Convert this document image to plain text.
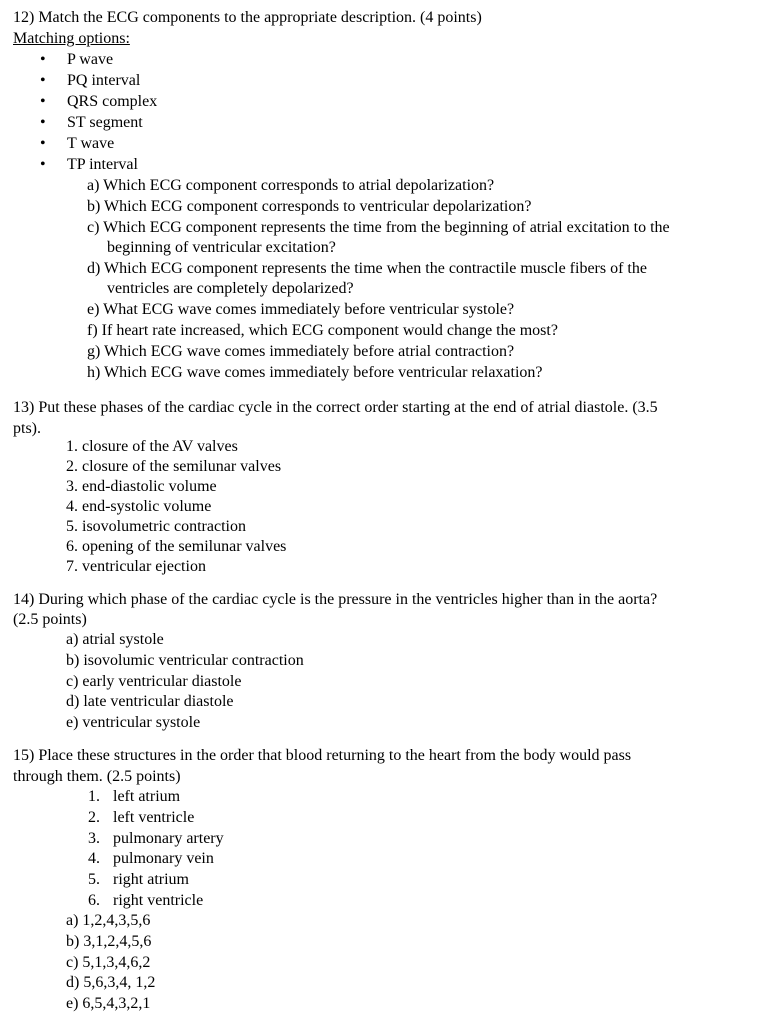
12) Match the ECG components to the appropriate description. (4 points)
Matching options:
• P wave
• PQ interval
• QRS complex
• ST segment
• T wave
• TP interval
a) Which ECG component corresponds to atrial depolarization?
b) Which ECG component corresponds to ventricular depolarization?
c) Which ECG component represents the time from the beginning of atrial excitation to the
beginning of ventricular excitation?
d) Which ECG component represents the time when the contractile muscle fibers of the
ventricles are completely depolarized?
e) What ECG wave comes immediately before ventricular systole?
f) If heart rate increased, which ECG component would change the most?
g) Which ECG wave comes immediately before atrial contraction?
h) Which ECG wave comes immediately before ventricular relaxation?
13) Put these phases of the cardiac cycle in the correct order starting at the end of atrial diastole. (3.5
pts).
1. closure of the AV valves
2. closure of the semilunar valves
3. end-diastolic volume
4. end-systolic volume
5. isovolumetric contraction
6. opening of the semilunar valves
7. ventricular ejection
14) During which phase of the cardiac cycle is the pressure in the ventricles higher than in the aorta?
(2.5 points)
a) atrial systole
b) isovolumic ventricular contraction
c) early ventricular diastole
d) late ventricular diastole
e) ventricular systole
15) Place these structures in the order that blood returning to the heart from the body would pass
through them. (2.5 points)
1. left atrium
2. left ventricle
3. pulmonary artery
4. pulmonary vein
5. right atrium
6. right ventricle
a) 1,2,4,3,5,6
b) 3,1,2,4,5,6
c) 5,1,3,4,6,2
d) 5,6,3,4, 1,2
e) 6,5,4,3,2,1
